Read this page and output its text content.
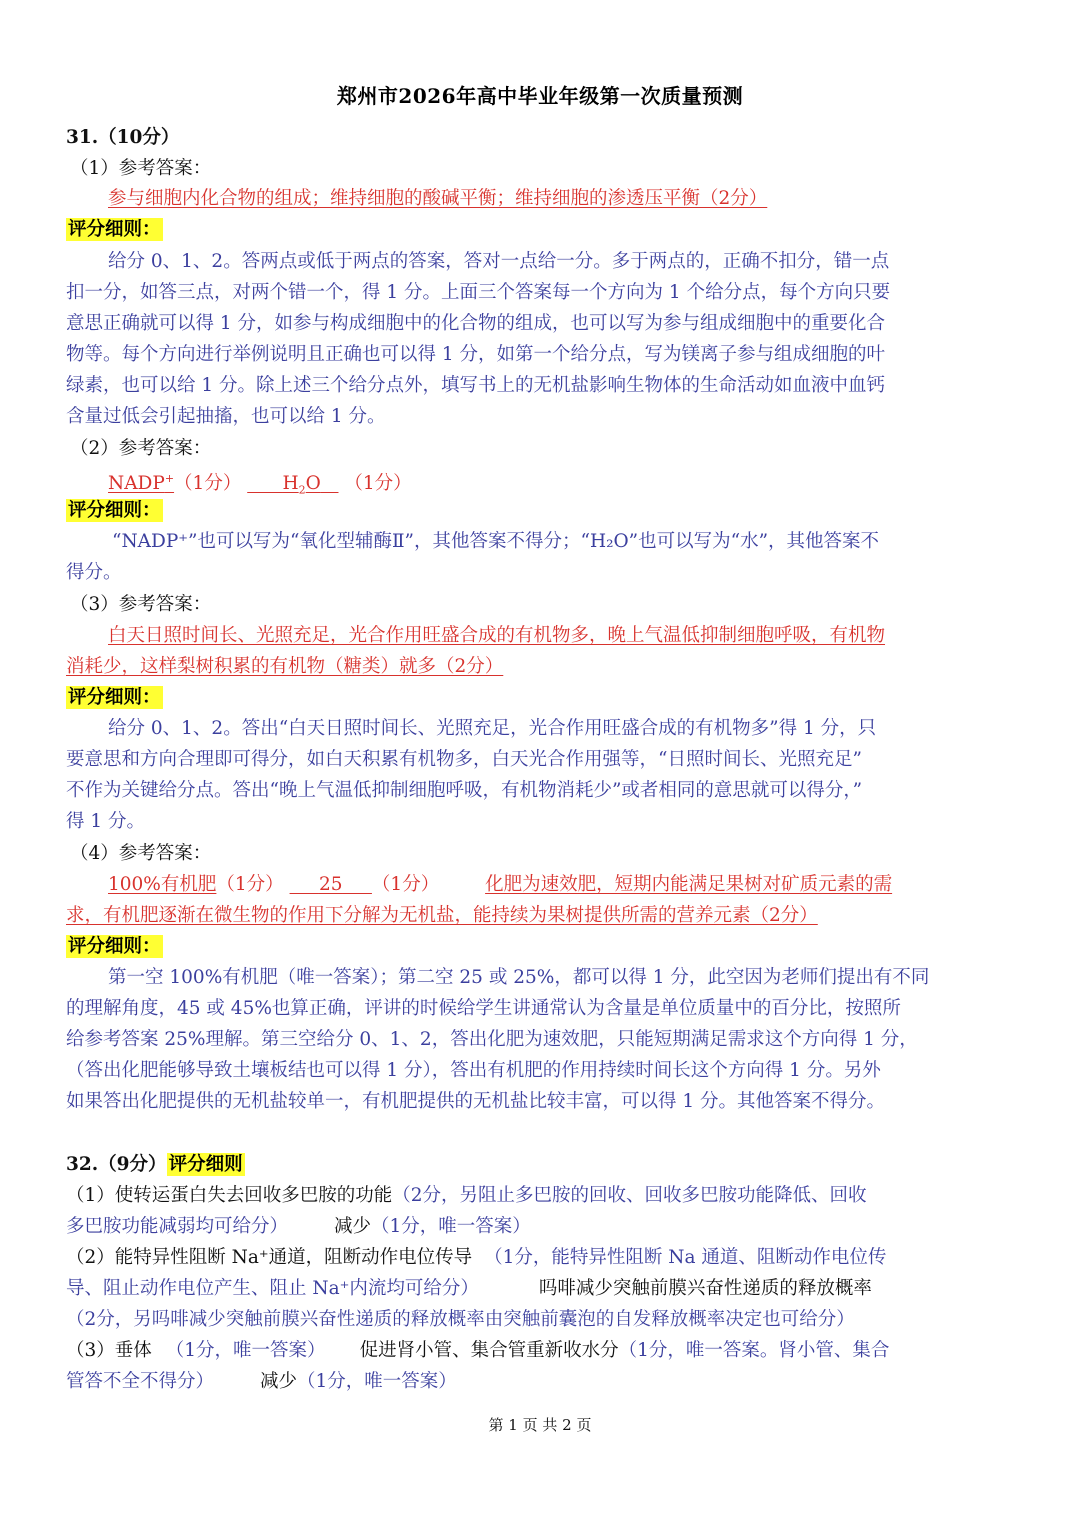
郑州市2026年高中毕业年级第一次质量预测
31.（10分）
（1）参考答案：
参与细胞内化合物的组成；维持细胞的酸碱平衡；维持细胞的渗透压平衡（2分）
评分细则：
给分 0、1、2。答两点或低于两点的答案，答对一点给一分。多于两点的，正确不扣分，错一点
扣一分，如答三点，对两个错一个，得 1 分。上面三个答案每一个方向为 1 个给分点，每个方向只要
意思正确就可以得 1 分，如参与构成细胞中的化合物的组成，也可以写为参与组成细胞中的重要化合
物等。每个方向进行举例说明且正确也可以得 1 分，如第一个给分点，写为镁离子参与组成细胞的叶
绿素，也可以给 1 分。除上述三个给分点外，填写书上的无机盐影响生物体的生命活动如血液中血钙
含量过低会引起抽搐，也可以给 1 分。
（2）参考答案：
NADP+（1分） $H_2O$ （1分）
评分细则：
“NADP⁺”也可以写为“氧化型辅酶Ⅱ”，其他答案不得分；“H₂O”也可以写为“水”，其他答案不
得分。
（3）参考答案：
白天日照时间长、光照充足，光合作用旺盛合成的有机物多，晚上气温低抑制细胞呼吸，有机物
消耗少，这样梨树积累的有机物（糖类）就多（2分）
评分细则：
给分 0、1、2。答出“白天日照时间长、光照充足，光合作用旺盛合成的有机物多”得 1 分，只
要意思和方向合理即可得分，如白天积累有机物多，白天光合作用强等，“日照时间长、光照充足”
不作为关键给分点。答出“晚上气温低抑制细胞呼吸，有机物消耗少”或者相同的意思就可以得分，”
得 1 分。
（4）参考答案：
100%有机肥（1分） 25 （1分） 化肥为速效肥，短期内能满足果树对矿质元素的需
求，有机肥逐渐在微生物的作用下分解为无机盐，能持续为果树提供所需的营养元素（2分）
评分细则：
第一空 100%有机肥（唯一答案）；第二空 25 或 25%，都可以得 1 分，此空因为老师们提出有不同
的理解角度，45 或 45%也算正确，评讲的时候给学生讲通常认为含量是单位质量中的百分比，按照所
给参考答案 25%理解。第三空给分 0、1、2，答出化肥为速效肥，只能短期满足需求这个方向得 1 分，
（答出化肥能够导致土壤板结也可以得 1 分），答出有机肥的作用持续时间长这个方向得 1 分。另外
如果答出化肥提供的无机盐较单一，有机肥提供的无机盐比较丰富，可以得 1 分。其他答案不得分。
32.（9分） 评分细则
（1）使转运蛋白失去回收多巴胺的功能（2分，另阻止多巴胺的回收、回收多巴胺功能降低、回收
多巴胺功能减弱均可给分） 减少（1分，唯一答案）
（2）能特异性阻断 Na⁺通道，阻断动作电位传导 （1分，能特异性阻断 Na 通道、阻断动作电位传
导、阻止动作电位产生、阻止 Na⁺内流均可给分）	吗啡减少突触前膜兴奋性递质的释放概率
（2分，另吗啡减少突触前膜兴奋性递质的释放概率由突触前囊泡的自发释放概率决定也可给分）
（3）垂体 （1分，唯一答案） 促进肾小管、集合管重新收水分（1分，唯一答案。肾小管、集合
管答不全不得分） 减少（1分，唯一答案）
第 1 页 共 2 页
